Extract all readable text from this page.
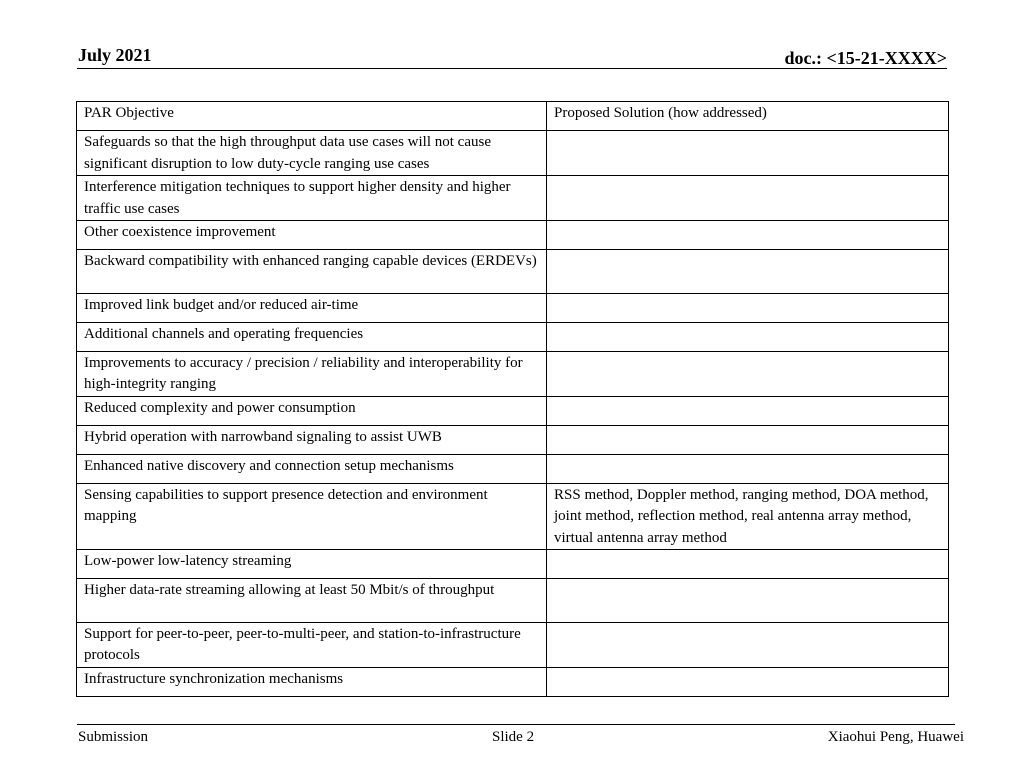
July 2021	doc.: <15-21-XXXX>
PAR Objective	Proposed Solution (how addressed)
Safeguards so that the high throughput data use cases will not cause significant disruption to low duty-cycle ranging use cases	
Interference mitigation techniques to support higher density and higher traffic use cases	
Other coexistence improvement	
Backward compatibility with enhanced ranging capable devices (ERDEVs)	
Improved link budget and/or reduced air-time	
Additional channels and operating frequencies	
Improvements to accuracy / precision / reliability and interoperability for high-integrity ranging	
Reduced complexity and power consumption	
Hybrid operation with narrowband signaling to assist UWB	
Enhanced native discovery and connection setup mechanisms	
Sensing capabilities to support presence detection and environment mapping	RSS method, Doppler method, ranging method, DOA method, joint method, reflection method, real antenna array method, virtual antenna array method
Low-power low-latency streaming	
Higher data-rate streaming allowing at least 50 Mbit/s of throughput	
Support for peer-to-peer, peer-to-multi-peer, and station-to-infrastructure protocols	
Infrastructure synchronization mechanisms	
Submission	Slide 2	Xiaohui Peng, Huawei
